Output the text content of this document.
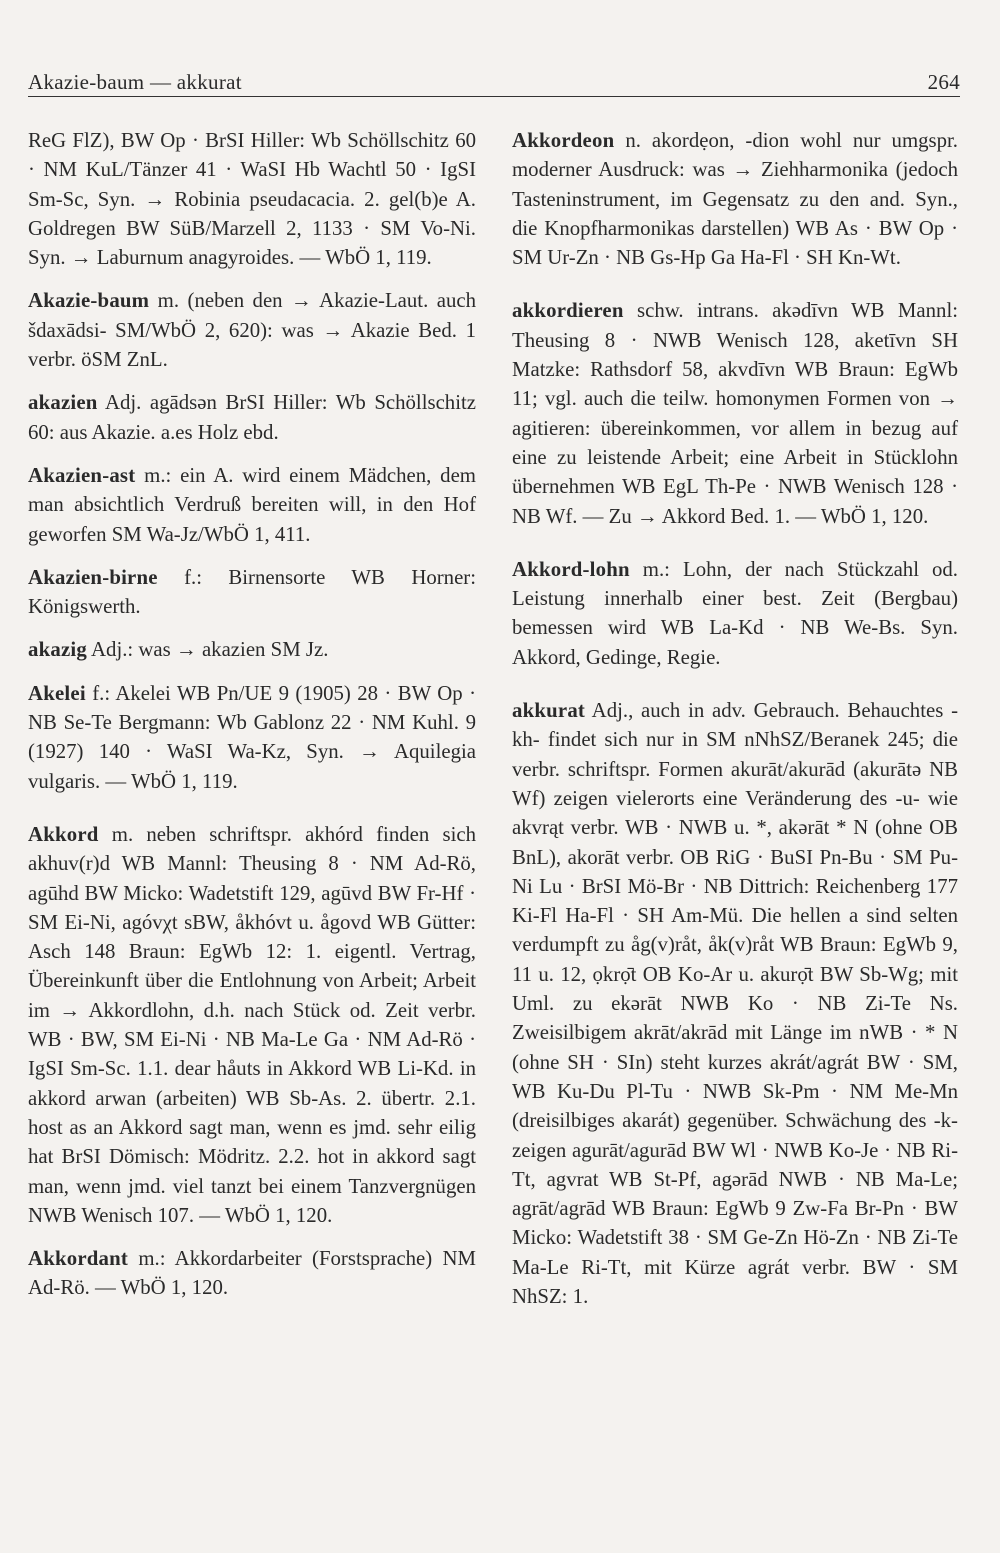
Akazie-baum — akkurat	264

ReG FlZ), BW Op · BrSI Hiller: Wb Schöllschitz 60 · NM KuL/Tänzer 41 · WaSI Hb Wachtl 50 · IgSI Sm-Sc, Syn. → Robinia pseudacacia. 2. gel(b)e A. Goldregen BW SüB/Marzell 2, 1133 · SM Vo-Ni. Syn. → Laburnum anagyroides. — WbÖ 1, 119.

Akazie-baum m. (neben den → Akazie-Laut. auch šdaxādsi- SM/WbÖ 2, 620): was → Akazie Bed. 1 verbr. öSM ZnL.

akazien Adj. agādsən BrSI Hiller: Wb Schöllschitz 60: aus Akazie. a.es Holz ebd.

Akazien-ast m.: ein A. wird einem Mädchen, dem man absichtlich Verdruß bereiten will, in den Hof geworfen SM Wa-Jz/WbÖ 1, 411.

Akazien-birne f.: Birnensorte WB Horner: Königswerth.

akazig Adj.: was → akazien SM Jz.

Akelei f.: Akelei WB Pn/UE 9 (1905) 28 · BW Op · NB Se-Te Bergmann: Wb Gablonz 22 · NM Kuhl. 9 (1927) 140 · WaSI Wa-Kz, Syn. → Aquilegia vulgaris. — WbÖ 1, 119.

Akkord m. neben schriftspr. akhórd finden sich akhuv(r)d WB Mannl: Theusing 8 · NM Ad-Rö, agūhd BW Micko: Wadetstift 129, agūvd BW Fr-Hf · SM Ei-Ni, agóvχt sBW, åkhóvt u. ågovd WB Gütter: Asch 148 Braun: EgWb 12: 1. eigentl. Vertrag, Übereinkunft über die Entlohnung von Arbeit; Arbeit im → Akkordlohn, d.h. nach Stück od. Zeit verbr. WB · BW, SM Ei-Ni · NB Ma-Le Ga · NM Ad-Rö · IgSI Sm-Sc. 1.1. dear håuts in Akkord WB Li-Kd. in akkord arwan (arbeiten) WB Sb-As. 2. übertr. 2.1. host as an Akkord sagt man, wenn es jmd. sehr eilig hat BrSI Dömisch: Mödritz. 2.2. hot in akkord sagt man, wenn jmd. viel tanzt bei einem Tanzvergnügen NWB Wenisch 107. — WbÖ 1, 120.

Akkordant m.: Akkordarbeiter (Forstsprache) NM Ad-Rö. — WbÖ 1, 120.

Akkordeon n. akordẹon, -dion wohl nur umgspr. moderner Ausdruck: was → Ziehharmonika (jedoch Tasteninstrument, im Gegensatz zu den and. Syn., die Knopfharmonikas darstellen) WB As · BW Op · SM Ur-Zn · NB Gs-Hp Ga Ha-Fl · SH Kn-Wt.

akkordieren schw. intrans. akədīvn WB Mannl: Theusing 8 · NWB Wenisch 128, aketīvn SH Matzke: Rathsdorf 58, akvdīvn WB Braun: EgWb 11; vgl. auch die teilw. homonymen Formen von → agitieren: übereinkommen, vor allem in bezug auf eine zu leistende Arbeit; eine Arbeit in Stücklohn übernehmen WB EgL Th-Pe · NWB Wenisch 128 · NB Wf. — Zu → Akkord Bed. 1. — WbÖ 1, 120.

Akkord-lohn m.: Lohn, der nach Stückzahl od. Leistung innerhalb einer best. Zeit (Bergbau) bemessen wird WB La-Kd · NB We-Bs. Syn. Akkord, Gedinge, Regie.

akkurat Adj., auch in adv. Gebrauch. Behauchtes -kh- findet sich nur in SM nNhSZ/Beranek 245; die verbr. schriftspr. Formen akurāt/akurād (akurātə NB Wf) zeigen vielerorts eine Veränderung des -u- wie akvrąt verbr. WB · NWB u. *, akərāt * N (ohne OB BnL), akorāt verbr. OB RiG · BuSI Pn-Bu · SM Pu-Ni Lu · BrSI Mö-Br · NB Dittrich: Reichenberg 177 Ki-Fl Ha-Fl · SH Am-Mü. Die hellen a sind selten verdumpft zu åg(v)råt, åk(v)råt WB Braun: EgWb 9, 11 u. 12, ọkrọ̄t OB Ko-Ar u. akurọ̄t BW Sb-Wg; mit Uml. zu ekərāt NWB Ko · NB Zi-Te Ns. Zweisilbigem akrāt/akrād mit Länge im nWB · * N (ohne SH · SIn) steht kurzes akrát/agrát BW · SM, WB Ku-Du Pl-Tu · NWB Sk-Pm · NM Me-Mn (dreisilbiges akarát) gegenüber. Schwächung des -k- zeigen agurāt/agurād BW Wl · NWB Ko-Je · NB Ri-Tt, agvrat WB St-Pf, agərād NWB · NB Ma-Le; agrāt/agrād WB Braun: EgWb 9 Zw-Fa Br-Pn · BW Micko: Wadetstift 38 · SM Ge-Zn Hö-Zn · NB Zi-Te Ma-Le Ri-Tt, mit Kürze agrát verbr. BW · SM NhSZ: 1.
